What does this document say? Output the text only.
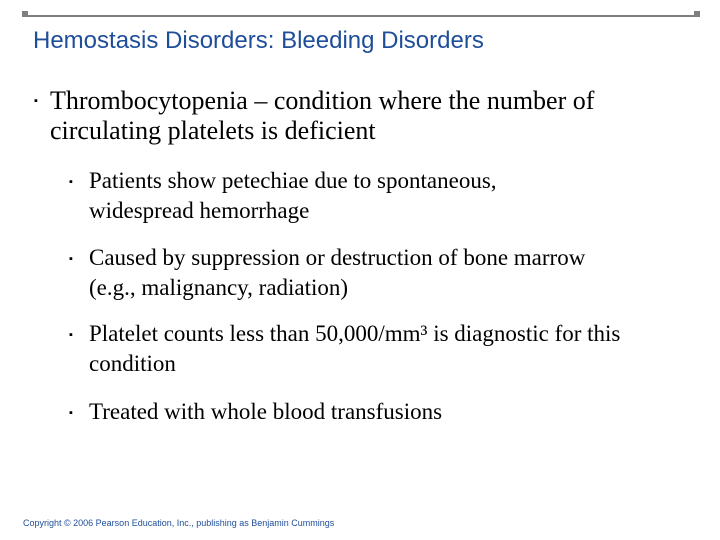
Hemostasis Disorders: Bleeding Disorders
▪ Thrombocytopenia – condition where the number of circulating platelets is deficient
▪ Patients show petechiae due to spontaneous, widespread hemorrhage
▪ Caused by suppression or destruction of bone marrow (e.g., malignancy, radiation)
▪ Platelet counts less than 50,000/mm³ is diagnostic for this condition
▪ Treated with whole blood transfusions
Copyright © 2006 Pearson Education, Inc., publishing as Benjamin Cummings
